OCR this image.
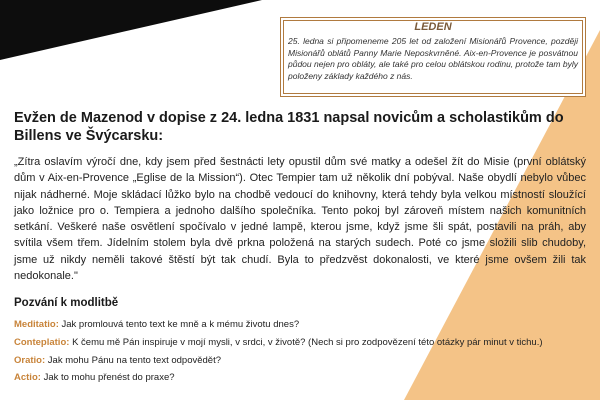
LEDEN

25. ledna si připomeneme 205 let od založení Misionářů Provence, později Misionářů oblátů Panny Marie Neposkvrněné. Aix-en-Provence je posvátnou půdou nejen pro obláty, ale také pro celou oblátskou rodinu, protože tam byly položeny základy každého z nás.

Evžen de Mazenod v dopise z 24. ledna 1831 napsal novicům a scholastikům do Billens ve Švýcarsku:

„Zítra oslavím výročí dne, kdy jsem před šestnácti lety opustil dům své matky a odešel žít do Misie (první oblátský dům v Aix-en-Provence „Eglise de la Mission“). Otec Tempier tam už několik dní pobýval. Naše obydlí nebylo vůbec nijak nádherné. Moje skládací lůžko bylo na chodbě vedoucí do knihovny, která tehdy byla velkou místností sloužící jako ložnice pro o. Tempiera a jednoho dalšího společníka. Tento pokoj byl zároveň místem našich komunitních setkání. Veškeré naše osvětlení spočívalo v jedné lampě, kterou jsme, když jsme šli spát, postavili na práh, aby svítila všem třem. Jídelním stolem byla dvě prkna položená na starých sudech. Poté co jsme složili slib chudoby, jsme už nikdy neměli takové štěstí být tak chudí. Byla to předzvěst dokonalosti, ve které jsme ovšem žili tak nedokonale."

Pozvání k modlitbě

Meditatio: Jak promlouvá tento text ke mně a k mému životu dnes?

Conteplatio: K čemu mě Pán inspiruje v mojí mysli, v srdci, v životě? (Nech si pro zodpovězení této otázky pár minut v tichu.)

Oratio: Jak mohu Pánu na tento text odpovědět?

Actio: Jak to mohu přenést do praxe?
